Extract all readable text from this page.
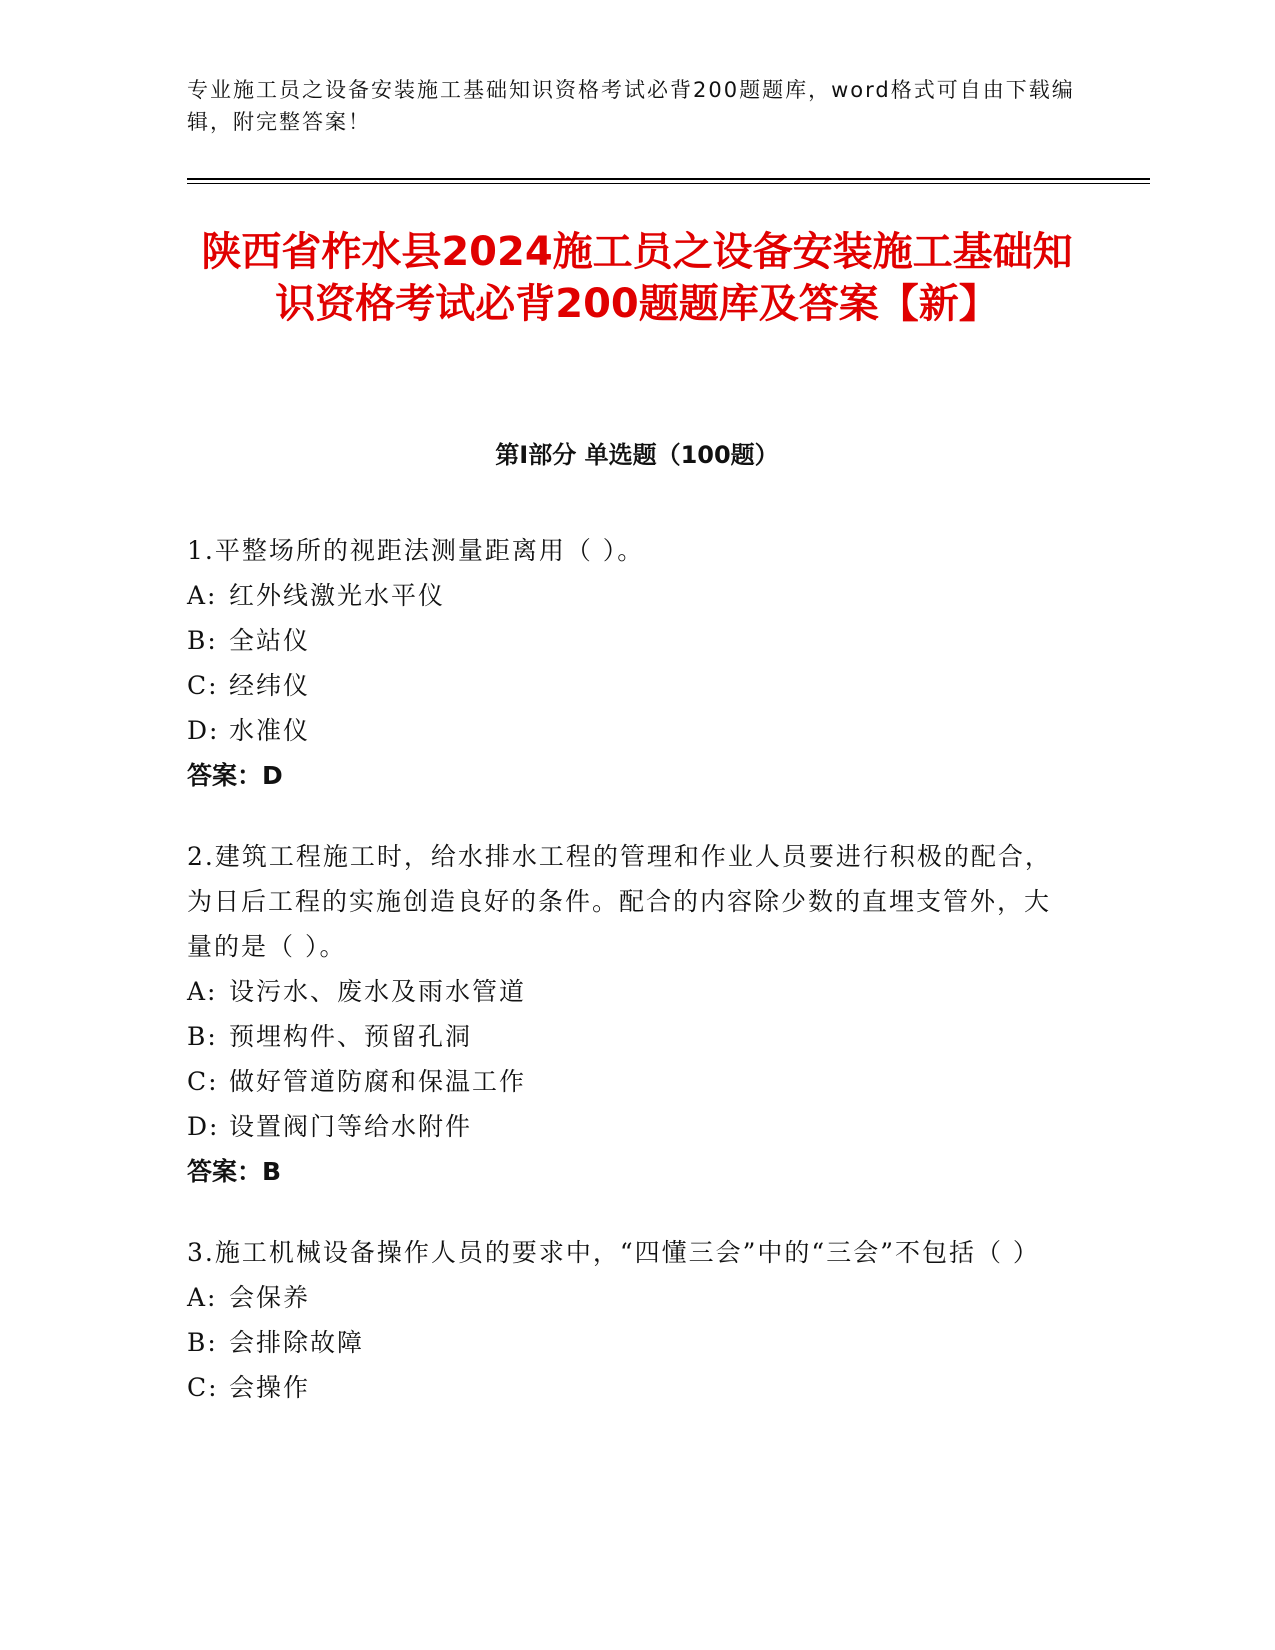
专业施工员之设备安装施工基础知识资格考试必背200题题库，word格式可自由下载编辑，附完整答案！
陕西省柞水县2024施工员之设备安装施工基础知识资格考试必背200题题库及答案【新】
第Ⅰ部分 单选题（100题）
1.平整场所的视距法测量距离用（ ）。
A: 红外线激光水平仪
B: 全站仪
C: 经纬仪
D: 水准仪
答案：D
2.建筑工程施工时，给水排水工程的管理和作业人员要进行积极的配合，为日后工程的实施创造良好的条件。配合的内容除少数的直埋支管外，大量的是（ ）。
A: 设污水、废水及雨水管道
B: 预埋构件、预留孔洞
C: 做好管道防腐和保温工作
D: 设置阀门等给水附件
答案：B
3.施工机械设备操作人员的要求中，“四懂三会”中的“三会”不包括（ ）
A: 会保养
B: 会排除故障
C: 会操作
